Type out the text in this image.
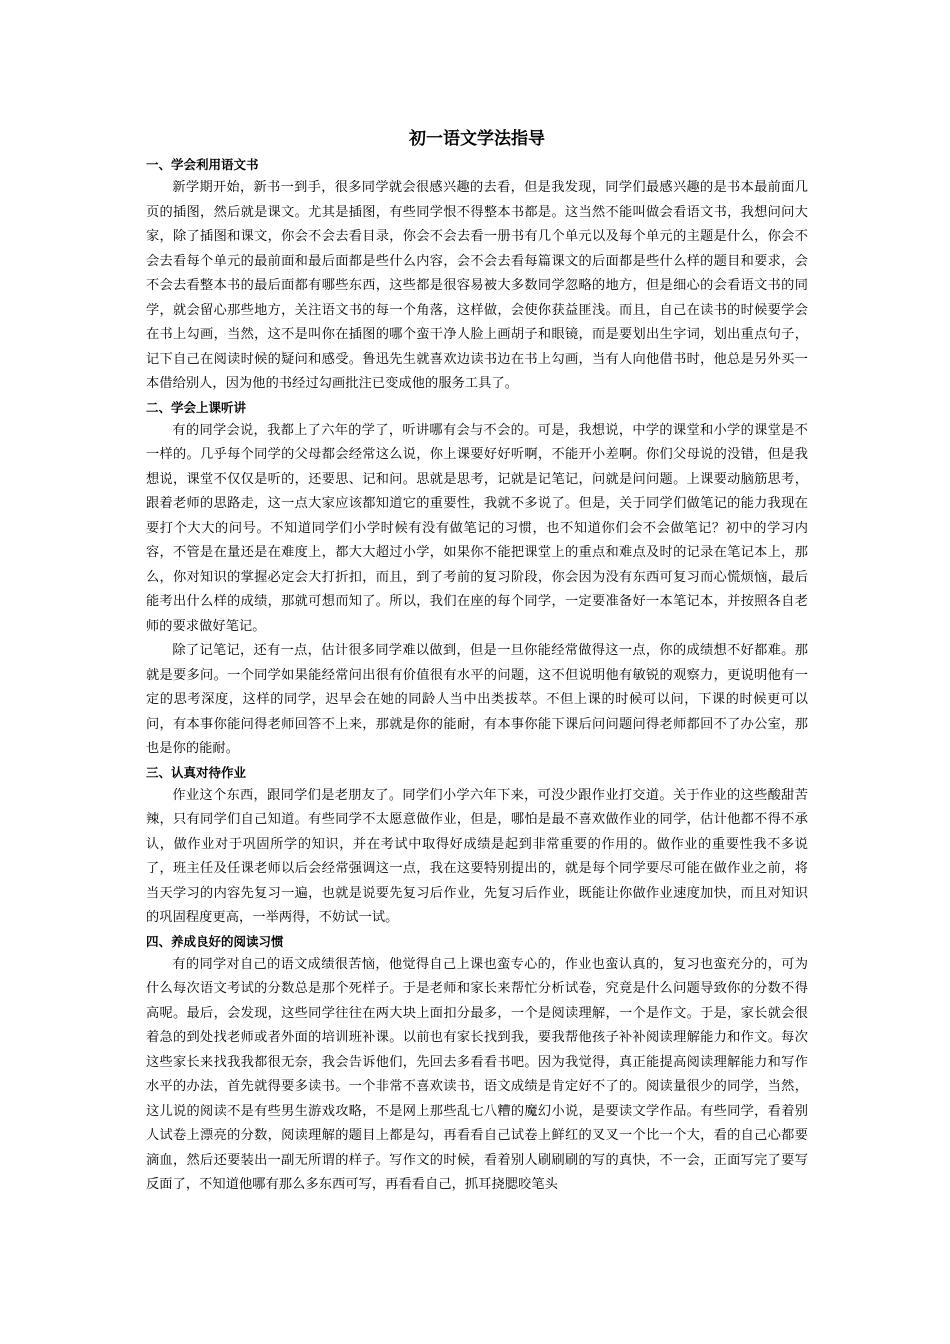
初一语文学法指导
一、学会利用语文书

新学期开始，新书一到手，很多同学就会很感兴趣的去看，但是我发现，同学们最感兴趣的是书本最前面几页的插图，然后就是课文。尤其是插图，有些同学恨不得整本书都是。这当然不能叫做会看语文书，我想问问大家，除了插图和课文，你会不会去看目录，你会不会去看一册书有几个单元以及每个单元的主题是什么，你会不会去看每个单元的最前面和最后面都是些什么内容，会不会去看每篇课文的后面都是些什么样的题目和要求，会不会去看整本书的最后面都有哪些东西，这些都是很容易被大多数同学忽略的地方，但是细心的会看语文书的同学，就会留心那些地方，关注语文书的每一个角落，这样做，会使你获益匪浅。而且，自己在读书的时候要学会在书上勾画，当然，这不是叫你在插图的哪个蛮干净人脸上画胡子和眼镜，而是要划出生字词，划出重点句子，记下自己在阅读时候的疑问和感受。鲁迅先生就喜欢边读书边在书上勾画，当有人向他借书时，他总是另外买一本借给别人，因为他的书经过勾画批注已变成他的服务工具了。

二、学会上课听讲

有的同学会说，我都上了六年的学了，听讲哪有会与不会的。可是，我想说，中学的课堂和小学的课堂是不一样的。几乎每个同学的父母都会经常这么说，你上课要好好听啊，不能开小差啊。你们父母说的没错，但是我想说，课堂不仅仅是听的，还要思、记和问。思就是思考，记就是记笔记，问就是问问题。上课要动脑筋思考，跟着老师的思路走，这一点大家应该都知道它的重要性，我就不多说了。但是，关于同学们做笔记的能力我现在要打个大大的问号。不知道同学们小学时候有没有做笔记的习惯，也不知道你们会不会做笔记？初中的学习内容，不管是在量还是在难度上，都大大超过小学，如果你不能把课堂上的重点和难点及时的记录在笔记本上，那么，你对知识的掌握必定会大打折扣，而且，到了考前的复习阶段，你会因为没有东西可复习而心慌烦恼，最后能考出什么样的成绩，那就可想而知了。所以，我们在座的每个同学，一定要准备好一本笔记本，并按照各自老师的要求做好笔记。

除了记笔记，还有一点，估计很多同学难以做到，但是一旦你能经常做得这一点，你的成绩想不好都难。那就是要多问。一个同学如果能经常问出很有价值很有水平的问题，这不但说明他有敏锐的观察力，更说明他有一定的思考深度，这样的同学，迟早会在她的同龄人当中出类拔萃。不但上课的时候可以问，下课的时候更可以问，有本事你能问得老师回答不上来，那就是你的能耐，有本事你能下课后问问题问得老师都回不了办公室，那也是你的能耐。

三、认真对待作业

作业这个东西，跟同学们是老朋友了。同学们小学六年下来，可没少跟作业打交道。关于作业的这些酸甜苦辣，只有同学们自己知道。有些同学不太愿意做作业，但是，哪怕是最不喜欢做作业的同学，估计他都不得不承认，做作业对于巩固所学的知识，并在考试中取得好成绩是起到非常重要的作用的。做作业的重要性我不多说了，班主任及任课老师以后会经常强调这一点，我在这要特别提出的，就是每个同学要尽可能在做作业之前，将当天学习的内容先复习一遍，也就是说要先复习后作业，先复习后作业，既能让你做作业速度加快，而且对知识的巩固程度更高，一举两得，不妨试一试。

四、养成良好的阅读习惯

有的同学对自己的语文成绩很苦恼，他觉得自己上课也蛮专心的，作业也蛮认真的，复习也蛮充分的，可为什么每次语文考试的分数总是那个死样子。于是老师和家长来帮忙分析试卷，究竟是什么问题导致你的分数不得高呢。最后，会发现，这些同学往往在两大块上面扣分最多，一个是阅读理解，一个是作文。于是，家长就会很着急的到处找老师或者外面的培训班补课。以前也有家长找到我，要我帮他孩子补补阅读理解能力和作文。每次这些家长来找我我都很无奈，我会告诉他们，先回去多看看书吧。因为我觉得，真正能提高阅读理解能力和写作水平的办法，首先就得要多读书。一个非常不喜欢读书，语文成绩是肯定好不了的。阅读量很少的同学，当然，这儿说的阅读不是有些男生游戏攻略，不是网上那些乱七八糟的魔幻小说，是要读文学作品。有些同学，看着别人试卷上漂亮的分数，阅读理解的题目上都是勾，再看看自己试卷上鲜红的叉叉一个比一个大，看的自己心都要滴血，然后还要装出一副无所谓的样子。写作文的时候，看着别人刷刷刷的写的真快，不一会，正面写完了要写反面了，不知道他哪有那么多东西可写，再看看自己，抓耳挠腮咬笔头
